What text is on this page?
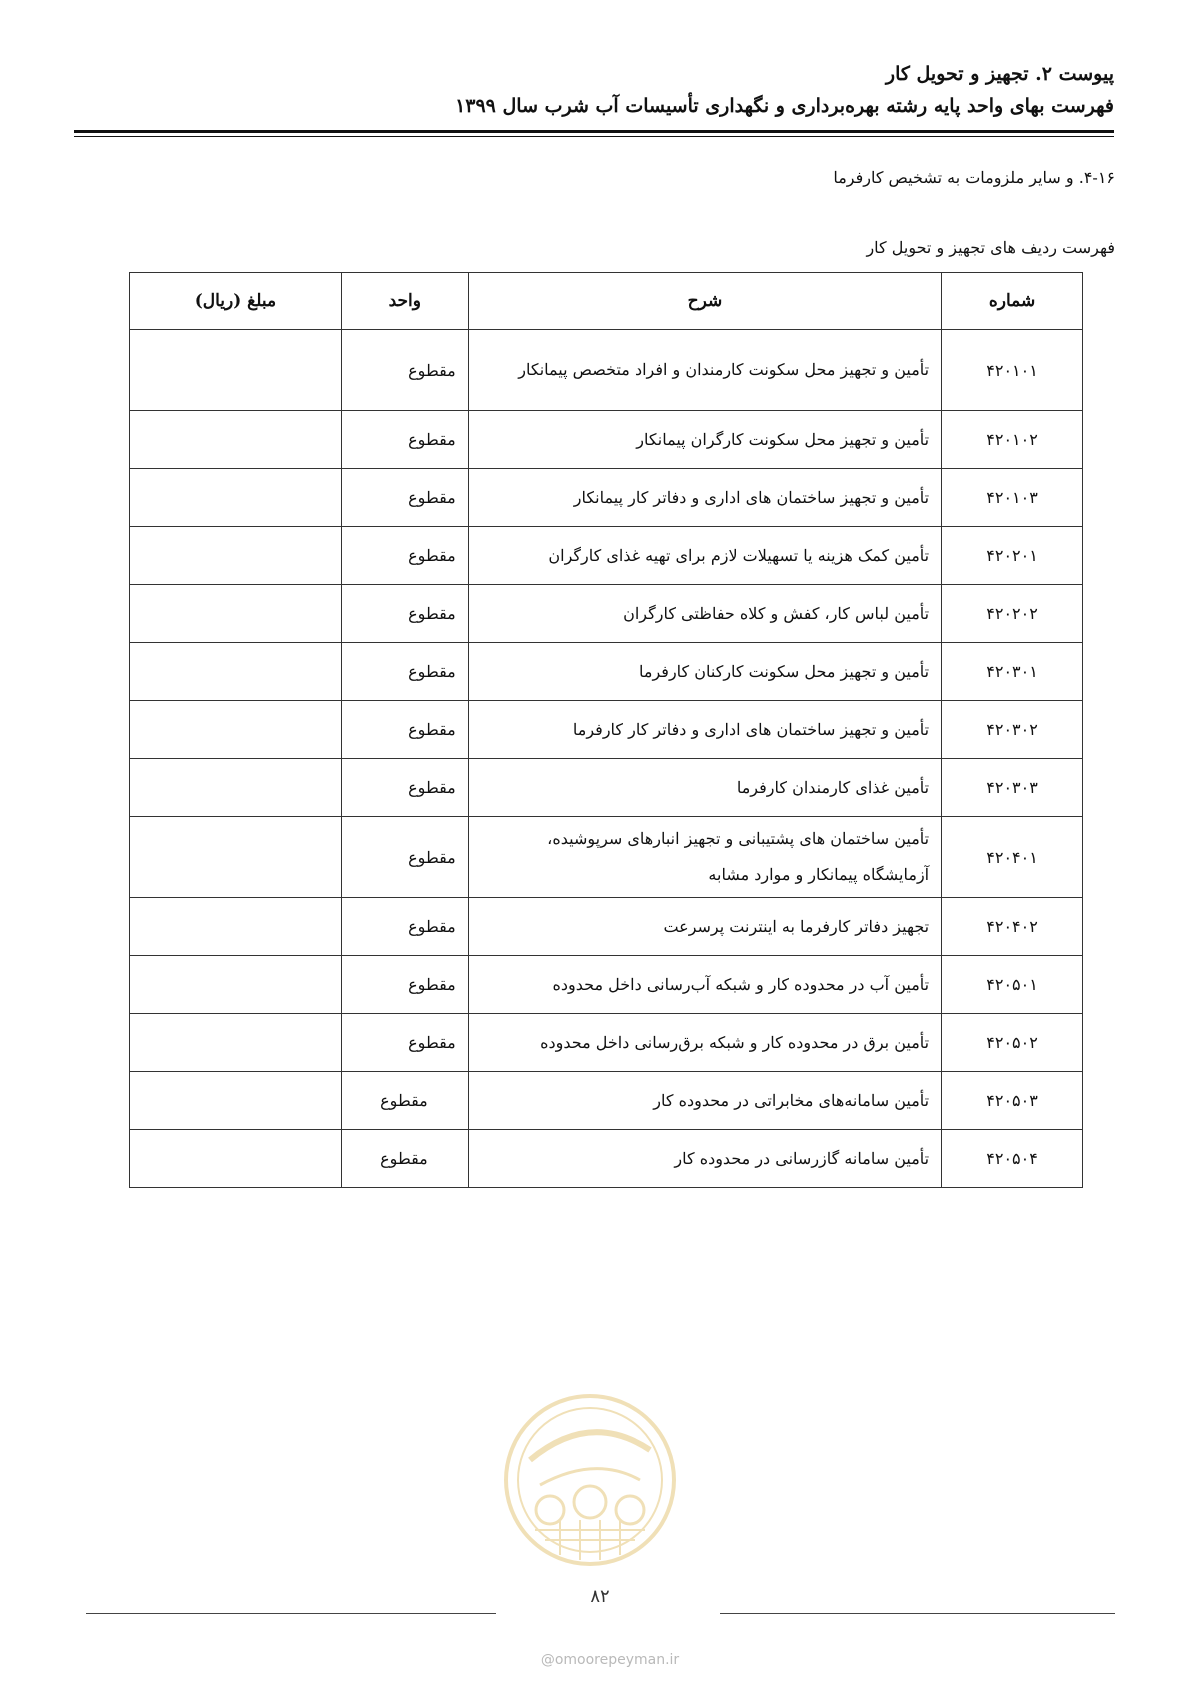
پیوست ۲. تجهیز و تحویل کار
فهرست بهای واحد پایه رشته بهره‌برداری و نگهداری تأسیسات آب شرب سال ۱۳۹۹
۴-۱۶. و سایر ملزومات به تشخیص کارفرما
فهرست ردیف های تجهیز و تحویل کار
شماره	شرح	واحد	مبلغ (ریال)
۴۲۰۱۰۱	تأمین و تجهیز محل سکونت کارمندان و افراد متخصص پیمانکار	مقطوع	
۴۲۰۱۰۲	تأمین و تجهیز محل سکونت کارگران پیمانکار	مقطوع	
۴۲۰۱۰۳	تأمین و تجهیز ساختمان های اداری و دفاتر کار پیمانکار	مقطوع	
۴۲۰۲۰۱	تأمین کمک هزینه یا تسهیلات لازم برای تهیه غذای کارگران	مقطوع	
۴۲۰۲۰۲	تأمین لباس کار، کفش و کلاه حفاظتی کارگران	مقطوع	
۴۲۰۳۰۱	تأمین و تجهیز محل سکونت کارکنان کارفرما	مقطوع	
۴۲۰۳۰۲	تأمین و تجهیز ساختمان های اداری و دفاتر کار کارفرما	مقطوع	
۴۲۰۳۰۳	تأمین غذای کارمندان کارفرما	مقطوع	
۴۲۰۴۰۱	تأمین ساختمان های پشتیبانی و تجهیز انبارهای سرپوشیده، آزمایشگاه پیمانکار و موارد مشابه	مقطوع	
۴۲۰۴۰۲	تجهیز دفاتر کارفرما به اینترنت پرسرعت	مقطوع	
۴۲۰۵۰۱	تأمین آب در محدوده کار و شبکه آب‌رسانی داخل محدوده	مقطوع	
۴۲۰۵۰۲	تأمین برق در محدوده کار و شبکه برق‌رسانی داخل محدوده	مقطوع	
۴۲۰۵۰۳	تأمین سامانه‌های مخابراتی در محدوده کار	مقطوع	
۴۲۰۵۰۴	تأمین سامانه گازرسانی در محدوده کار	مقطوع	
۸۲
@omoorepeyman.ir
